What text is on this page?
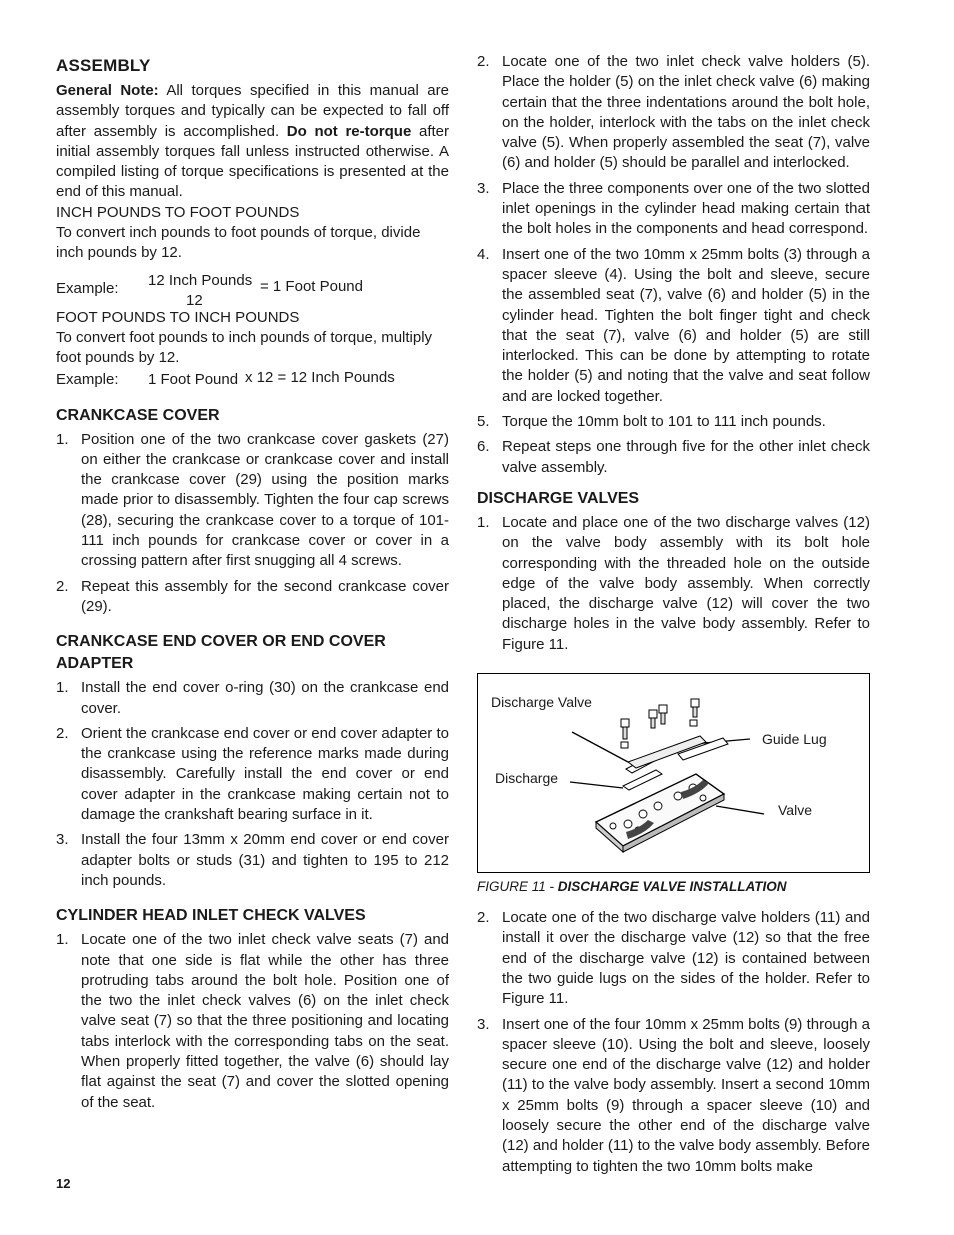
ASSEMBLY

General Note: All torques specified in this manual are assembly torques and typically can be expected to fall off after assembly is accomplished. Do not re-torque after initial assembly torques fall unless instructed otherwise. A compiled listing of torque specifications is presented at the end of this manual.

INCH POUNDS TO FOOT POUNDS

To convert inch pounds to foot pounds of torque, divide inch pounds by 12.

Example: 12 Inch Pounds
12
= 1 Foot Pound

FOOT POUNDS TO INCH POUNDS

To convert foot pounds to inch pounds of torque, multiply foot pounds by 12.

Example: 1 Foot Pound x 12 = 12 Inch Pounds
CRANKCASE COVER
1. Position one of the two crankcase cover gaskets (27) on either the crankcase or crankcase cover and install the crankcase cover (29) using the position marks made prior to disassembly. Tighten the four cap screws (28), securing the crankcase cover to a torque of 101-111 inch pounds for crankcase cover or cover in a crossing pattern after first snugging all 4 screws.
2. Repeat this assembly for the second crankcase cover (29).
CRANKCASE END COVER OR END COVER ADAPTER
1. Install the end cover o-ring (30) on the crankcase end cover.
2. Orient the crankcase end cover or end cover adapter to the crankcase using the reference marks made during disassembly. Carefully install the end cover or end cover adapter in the crankcase making certain not to damage the crankshaft bearing surface in it.
3. Install the four 13mm x 20mm end cover or end cover adapter bolts or studs (31) and tighten to 195 to 212 inch pounds.
CYLINDER HEAD INLET CHECK VALVES
1. Locate one of the two inlet check valve seats (7) and note that one side is flat while the other has three protruding tabs around the bolt hole. Position one of the two the inlet check valves (6) on the inlet check valve seat (7) so that the three positioning and locating tabs interlock with the corresponding tabs on the seat. When properly fitted together, the valve (6) should lay flat against the seat (7) and cover the slotted opening of the seat.
2. Locate one of the two inlet check valve holders (5). Place the holder (5) on the inlet check valve (6) making certain that the three indentations around the bolt hole, on the holder, interlock with the tabs on the inlet check valve (5). When properly assembled the seat (7), valve (6) and holder (5) should be parallel and interlocked.
3. Place the three components over one of the two slotted inlet openings in the cylinder head making certain that the bolt holes in the components and head correspond.
4. Insert one of the two 10mm x 25mm bolts (3) through a spacer sleeve (4). Using the bolt and sleeve, secure the assembled seat (7), valve (6) and holder (5) in the cylinder head. Tighten the bolt finger tight and check that the seat (7), valve (6) and holder (5) are still interlocked. This can be done by attempting to rotate the holder (5) and noting that the valve and seat follow and are locked together.
5. Torque the 10mm bolt to 101 to 111 inch pounds.
6. Repeat steps one through five for the other inlet check valve assembly.
DISCHARGE VALVES
1. Locate and place one of the two discharge valves (12) on the valve body assembly with its bolt hole corresponding with the threaded hole on the outside edge of the valve body assembly. When correctly placed, the discharge valve (12) will cover the two discharge holes in the valve body assembly. Refer to Figure 11.
Discharge Valve
Guide Lug
Discharge
Valve
FIGURE 11 - DISCHARGE VALVE INSTALLATION
2. Locate one of the two discharge valve holders (11) and install it over the discharge valve (12) so that the free end of the discharge valve (12) is contained between the two guide lugs on the sides of the holder. Refer to Figure 11.
3. Insert one of the four 10mm x 25mm bolts (9) through a spacer sleeve (10). Using the bolt and sleeve, loosely secure one end of the discharge valve (12) and holder (11) to the valve body assembly. Insert a second 10mm x 25mm bolts (9) through a spacer sleeve (10) and loosely secure the other end of the discharge valve (12) and holder (11) to the valve body assembly. Before attempting to tighten the two 10mm bolts make
12
